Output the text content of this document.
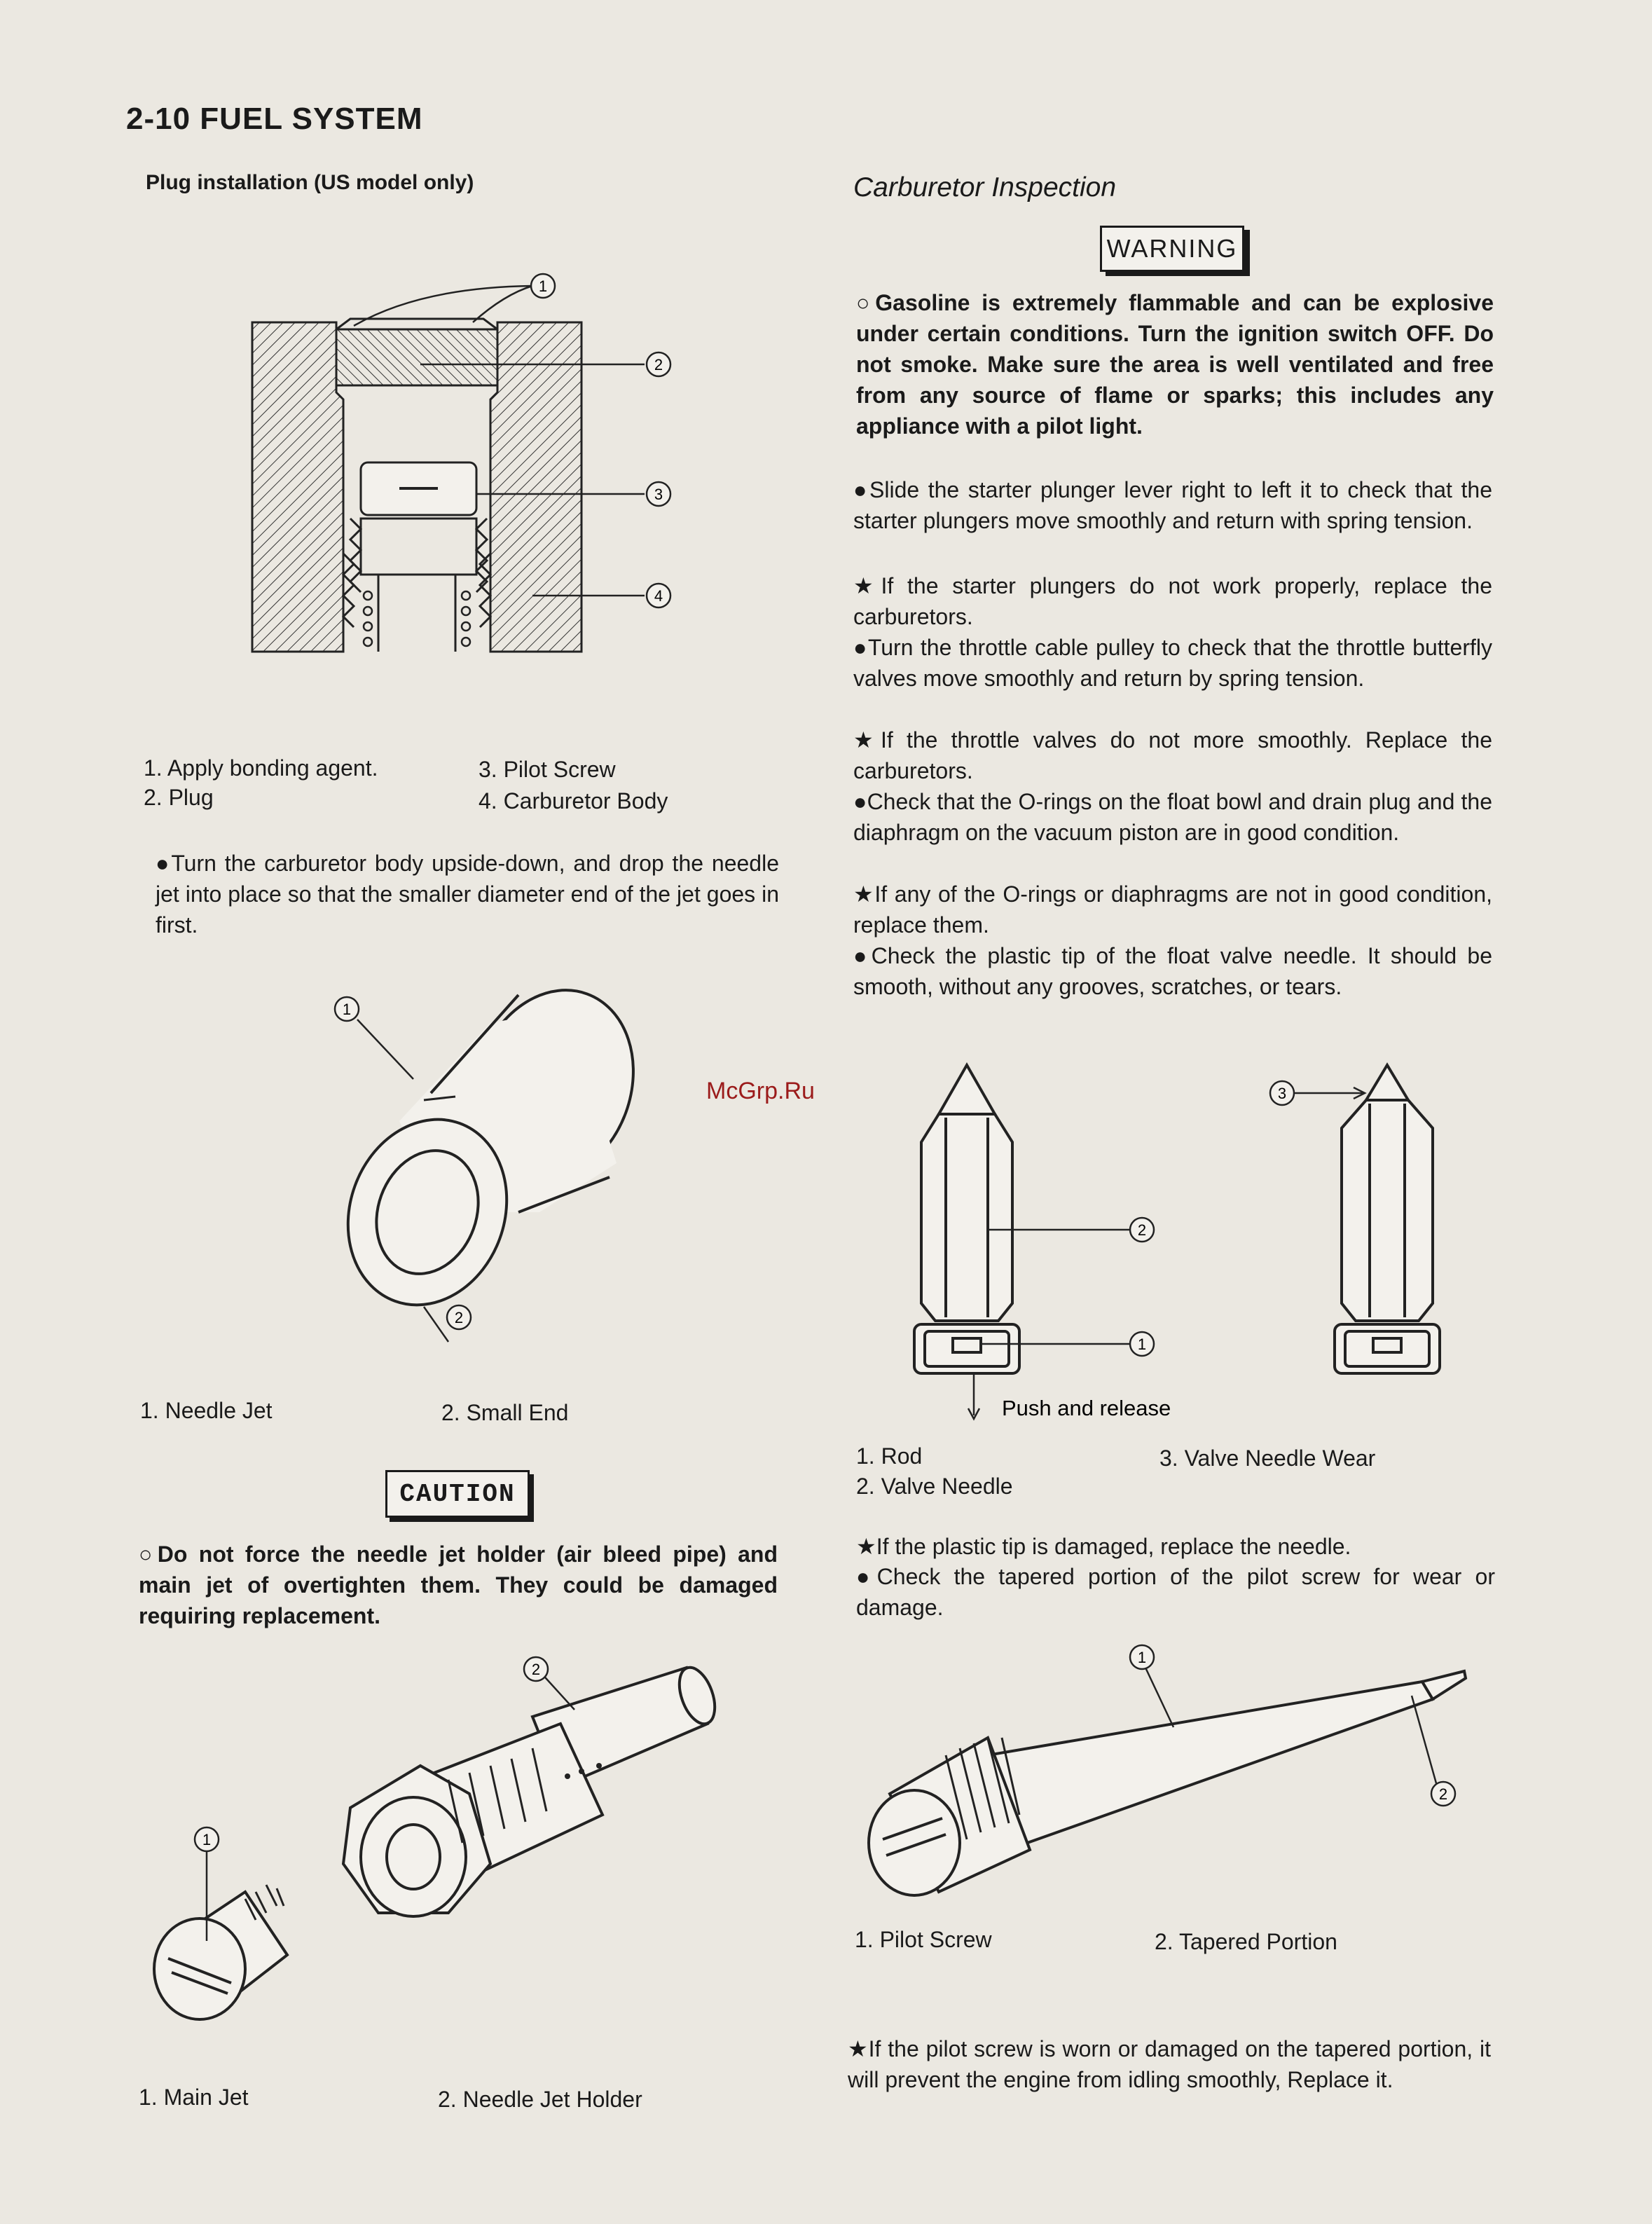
2-10 FUEL SYSTEM
Plug installation (US model only)
1
2
3
4
1. Apply bonding agent.
2. Plug
3. Pilot Screw
4. Carburetor Body
●Turn the carburetor body upside-down, and drop the needle jet into place so that the smaller diameter end of the jet goes in first.
1
2
1. Needle Jet	2. Small End
CAUTION
○Do not force the needle jet holder (air bleed pipe) and main jet of overtighten them. They could be damaged requiring replacement.
1
2
1. Main Jet	2. Needle Jet Holder
Carburetor Inspection
WARNING
○Gasoline is extremely flammable and can be explosive under certain conditions. Turn the ignition switch OFF. Do not smoke. Make sure the area is well ventilated and free from any source of flame or sparks; this includes any appliance with a pilot light.
●Slide the starter plunger lever right to left it to check that the starter plungers move smoothly and return with spring tension.
★If the starter plungers do not work properly, replace the carburetors.
●Turn the throttle cable pulley to check that the throttle butterfly valves move smoothly and return by spring tension.
★If the throttle valves do not more smoothly. Replace the carburetors.
●Check that the O-rings on the float bowl and drain plug and the diaphragm on the vacuum piston are in good condition.
★If any of the O-rings or diaphragms are not in good condition, replace them.
●Check the plastic tip of the float valve needle. It should be smooth, without any grooves, scratches, or tears.
1
2
3
Push and release
1. Rod
2. Valve Needle
3. Valve Needle Wear
★If the plastic tip is damaged, replace the needle.
●Check the tapered portion of the pilot screw for wear or damage.
1
2
1. Pilot Screw	2. Tapered Portion
★If the pilot screw is worn or damaged on the tapered portion, it will prevent the engine from idling smoothly, Replace it.
McGrp.Ru
